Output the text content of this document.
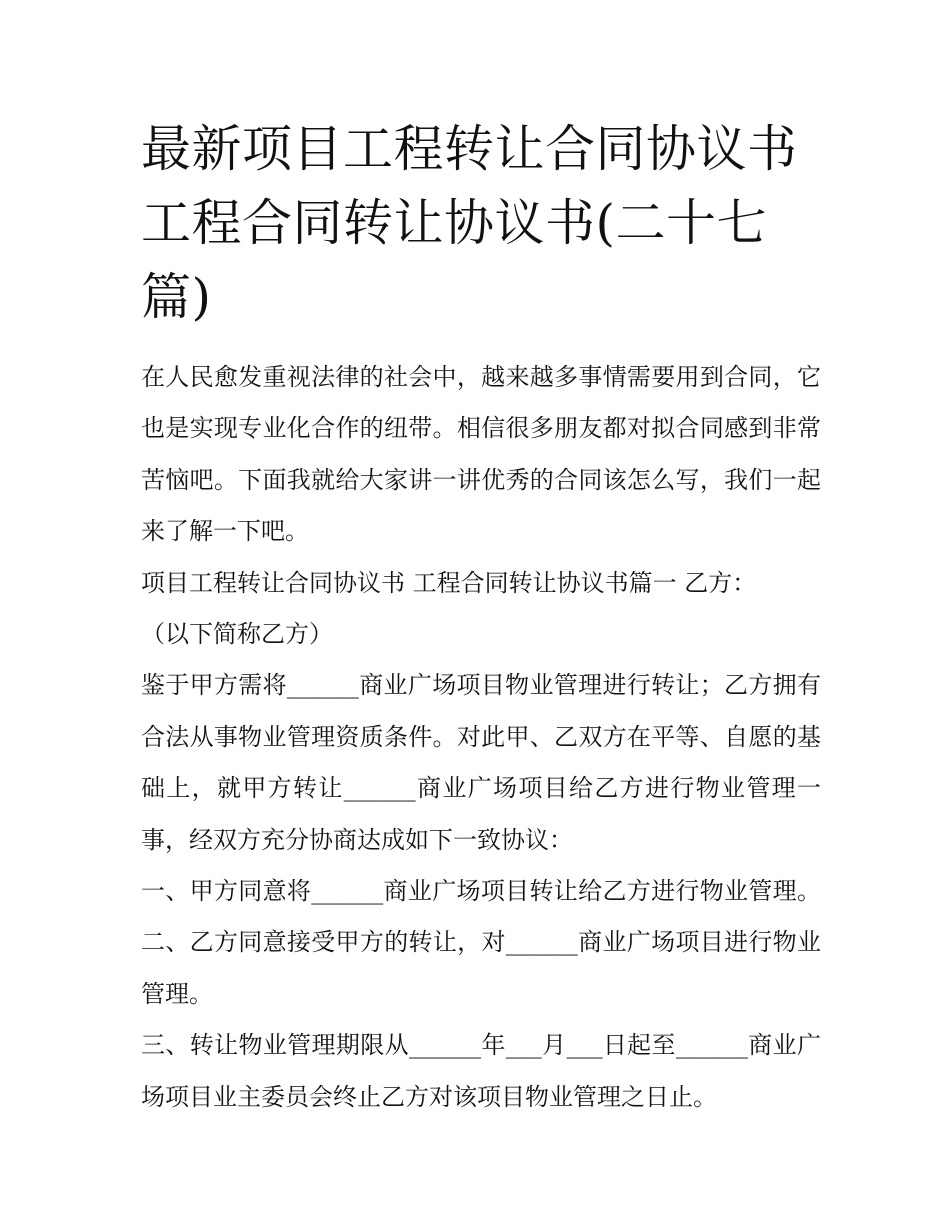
最新项目工程转让合同协议书 工程合同转让协议书(二十七篇)

在人民愈发重视法律的社会中，越来越多事情需要用到合同，它也是实现专业化合作的纽带。相信很多朋友都对拟合同感到非常苦恼吧。下面我就给大家讲一讲优秀的合同该怎么写，我们一起来了解一下吧。

项目工程转让合同协议书 工程合同转让协议书篇一 乙方：

（以下简称乙方）

鉴于甲方需将______商业广场项目物业管理进行转让；乙方拥有合法从事物业管理资质条件。对此甲、乙双方在平等、自愿的基础上，就甲方转让______商业广场项目给乙方进行物业管理一事，经双方充分协商达成如下一致协议：

一、甲方同意将______商业广场项目转让给乙方进行物业管理。 二、乙方同意接受甲方的转让，对______商业广场项目进行物业管理。

三、转让物业管理期限从______年___月___日起至______商业广场项目业主委员会终止乙方对该项目物业管理之日止。
